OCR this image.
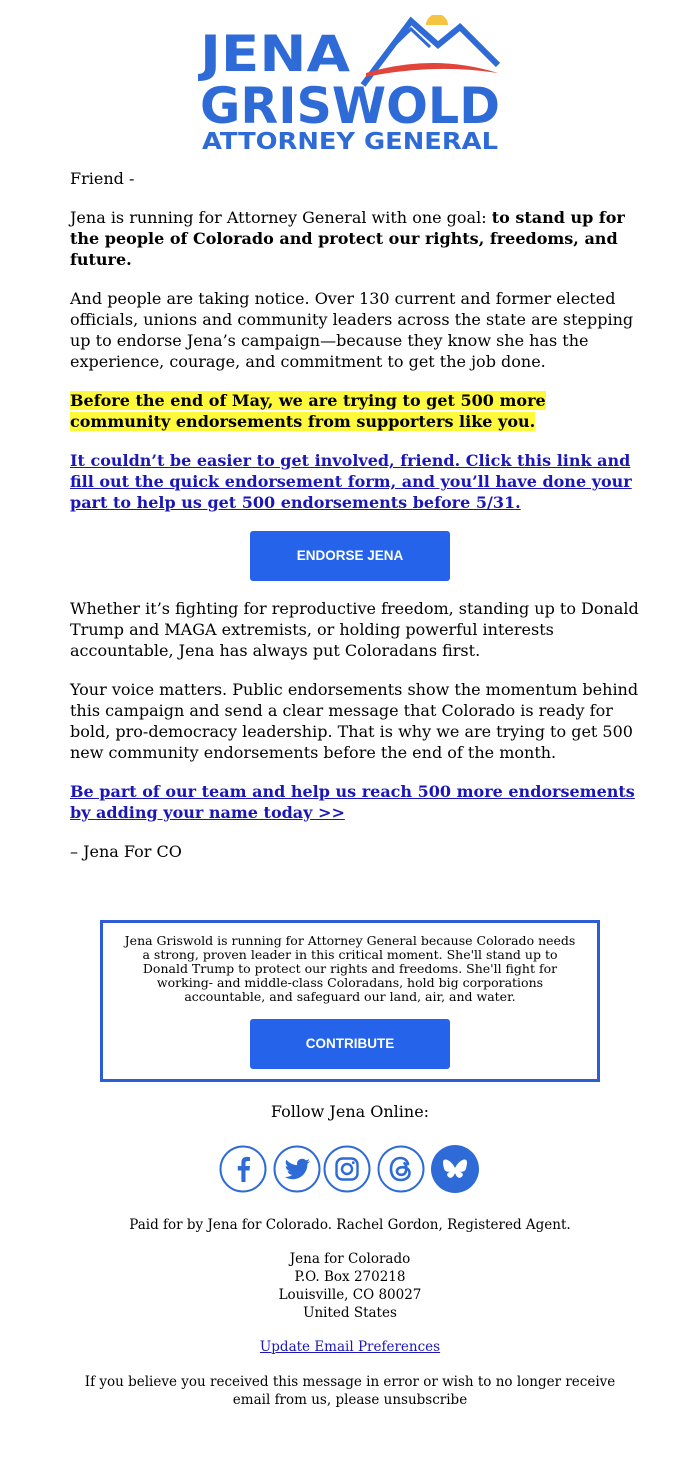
JENA
GRISWOLD
ATTORNEY GENERAL

Friend -

Jena is running for Attorney General with one goal: to stand up for the people of Colorado and protect our rights, freedoms, and future.

And people are taking notice. Over 130 current and former elected officials, unions and community leaders across the state are stepping up to endorse Jena’s campaign—because they know she has the experience, courage, and commitment to get the job done.

Before the end of May, we are trying to get 500 more community endorsements from supporters like you.

It couldn’t be easier to get involved, friend. Click this link and fill out the quick endorsement form, and you’ll have done your part to help us get 500 endorsements before 5/31.

ENDORSE JENA

Whether it’s fighting for reproductive freedom, standing up to Donald Trump and MAGA extremists, or holding powerful interests accountable, Jena has always put Coloradans first.

Your voice matters. Public endorsements show the momentum behind this campaign and send a clear message that Colorado is ready for bold, pro-democracy leadership. That is why we are trying to get 500 new community endorsements before the end of the month.

Be part of our team and help us reach 500 more endorsements by adding your name today >>

– Jena For CO

Jena Griswold is running for Attorney General because Colorado needs a strong, proven leader in this critical moment. She'll stand up to Donald Trump to protect our rights and freedoms. She'll fight for working- and middle-class Coloradans, hold big corporations accountable, and safeguard our land, air, and water.
CONTRIBUTE
Follow Jena Online:
Paid for by Jena for Colorado. Rachel Gordon, Registered Agent.
Jena for Colorado
P.O. Box 270218
Louisville, CO 80027
United States
Update Email Preferences
If you believe you received this message in error or wish to no longer receive email from us, please unsubscribe
